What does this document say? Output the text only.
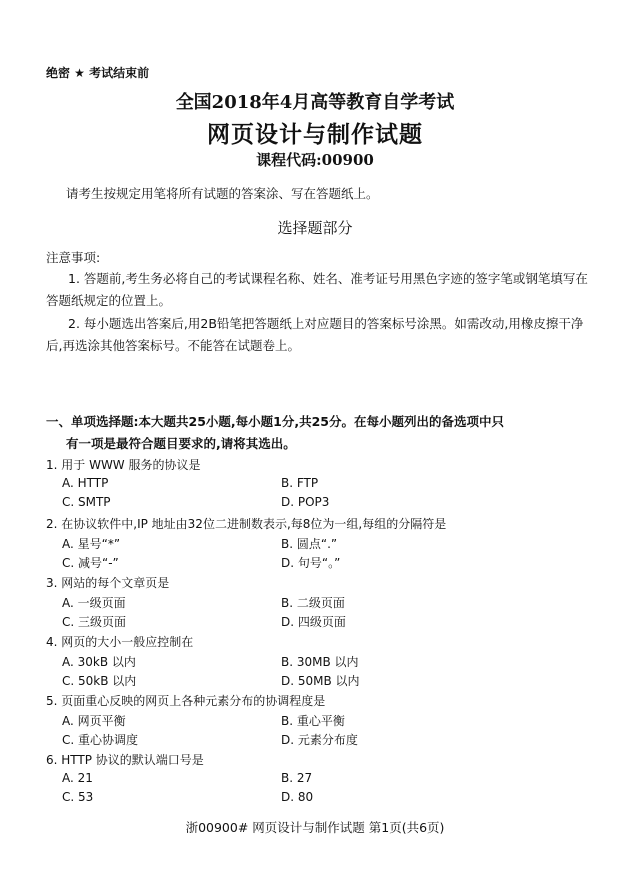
绝密 ★ 考试结束前
全国2018年4月高等教育自学考试
网页设计与制作试题
课程代码:00900
请考生按规定用笔将所有试题的答案涂、写在答题纸上。
选择题部分
注意事项:
1. 答题前,考生务必将自己的考试课程名称、姓名、准考证号用黑色字迹的签字笔或钢笔填写在答题纸规定的位置上。
2. 每小题选出答案后,用2B铅笔把答题纸上对应题目的答案标号涂黑。如需改动,用橡皮擦干净后,再选涂其他答案标号。不能答在试题卷上。
一、单项选择题:本大题共25小题,每小题1分,共25分。在每小题列出的备选项中只
有一项是最符合题目要求的,请将其选出。
1. 用于 WWW 服务的协议是
A. HTTP	B. FTP
C. SMTP	D. POP3
2. 在协议软件中,IP 地址由32位二进制数表示,每8位为一组,每组的分隔符是
A. 星号“*”	B. 圆点“.”
C. 减号“-”	D. 句号“。”
3. 网站的每个文章页是
A. 一级页面	B. 二级页面
C. 三级页面	D. 四级页面
4. 网页的大小一般应控制在
A. 30kB 以内	B. 30MB 以内
C. 50kB 以内	D. 50MB 以内
5. 页面重心反映的网页上各种元素分布的协调程度是
A. 网页平衡	B. 重心平衡
C. 重心协调度	D. 元素分布度
6. HTTP 协议的默认端口号是
A. 21	B. 27
C. 53	D. 80
浙00900# 网页设计与制作试题 第1页(共6页)
